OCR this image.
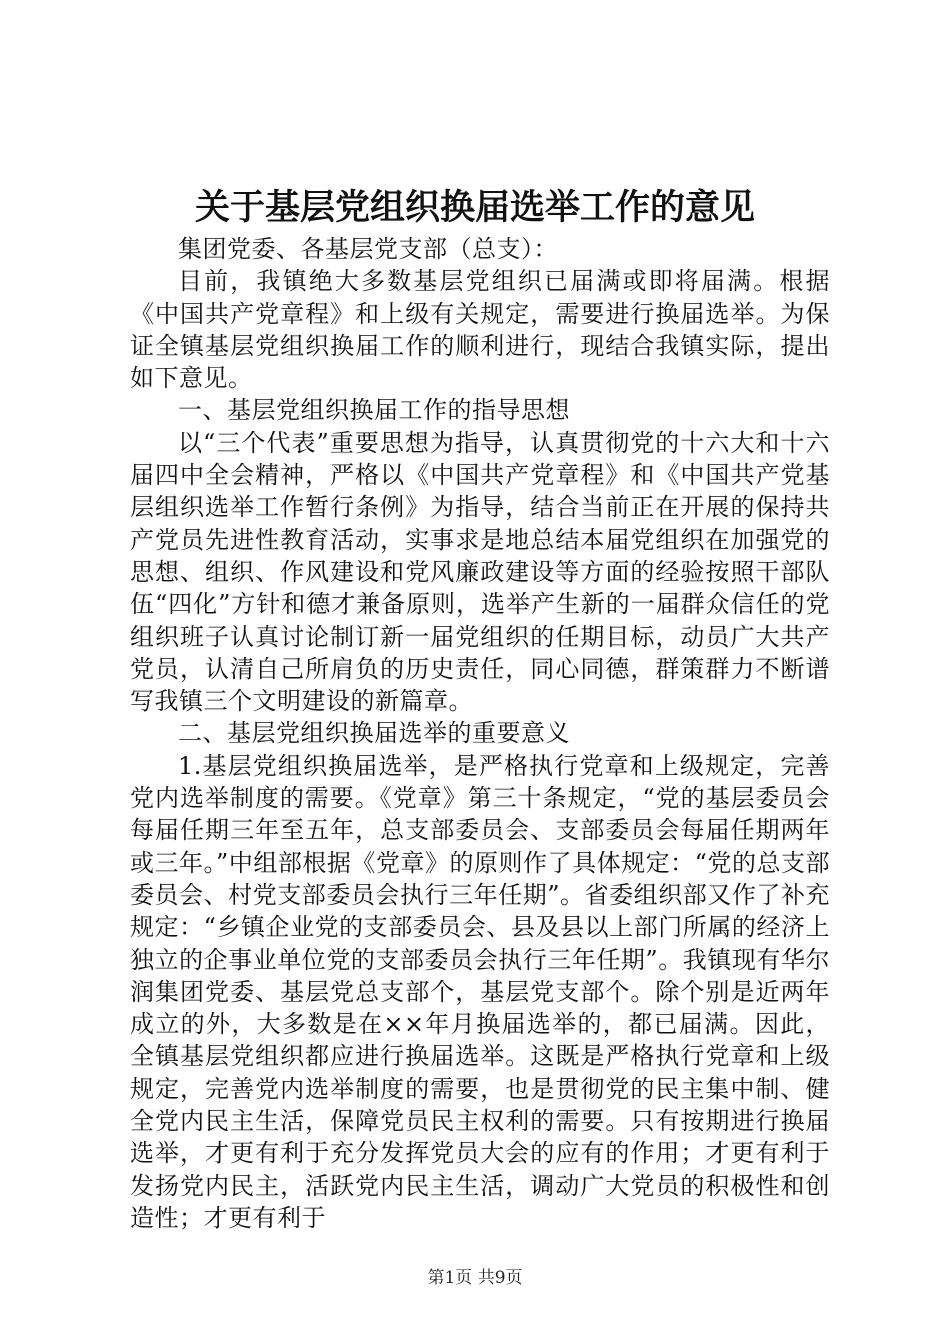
关于基层党组织换届选举工作的意见

集团党委、各基层党支部（总支）：

目前，我镇绝大多数基层党组织已届满或即将届满。根据《中国共产党章程》和上级有关规定，需要进行换届选举。为保证全镇基层党组织换届工作的顺利进行，现结合我镇实际，提出如下意见。

一、基层党组织换届工作的指导思想

以“三个代表”重要思想为指导，认真贯彻党的十六大和十六届四中全会精神，严格以《中国共产党章程》和《中国共产党基层组织选举工作暂行条例》为指导，结合当前正在开展的保持共产党员先进性教育活动，实事求是地总结本届党组织在加强党的思想、组织、作风建设和党风廉政建设等方面的经验按照干部队伍“四化”方针和德才兼备原则，选举产生新的一届群众信任的党组织班子认真讨论制订新一届党组织的任期目标，动员广大共产党员，认清自己所肩负的历史责任，同心同德，群策群力不断谱写我镇三个文明建设的新篇章。

二、基层党组织换届选举的重要意义

1.基层党组织换届选举，是严格执行党章和上级规定，完善党内选举制度的需要。《党章》第三十条规定，“党的基层委员会每届任期三年至五年，总支部委员会、支部委员会每届任期两年或三年。”中组部根据《党章》的原则作了具体规定：“党的总支部委员会、村党支部委员会执行三年任期”。省委组织部又作了补充规定：“乡镇企业党的支部委员会、县及县以上部门所属的经济上独立的企事业单位党的支部委员会执行三年任期”。我镇现有华尔润集团党委、基层党总支部个，基层党支部个。除个别是近两年成立的外，大多数是在××年月换届选举的，都已届满。因此，全镇基层党组织都应进行换届选举。这既是严格执行党章和上级规定，完善党内选举制度的需要，也是贯彻党的民主集中制、健全党内民主生活，保障党员民主权利的需要。只有按期进行换届选举，才更有利于充分发挥党员大会的应有的作用；才更有利于发扬党内民主，活跃党内民主生活，调动广大党员的积极性和创造性；才更有利于

第1页 共9页
